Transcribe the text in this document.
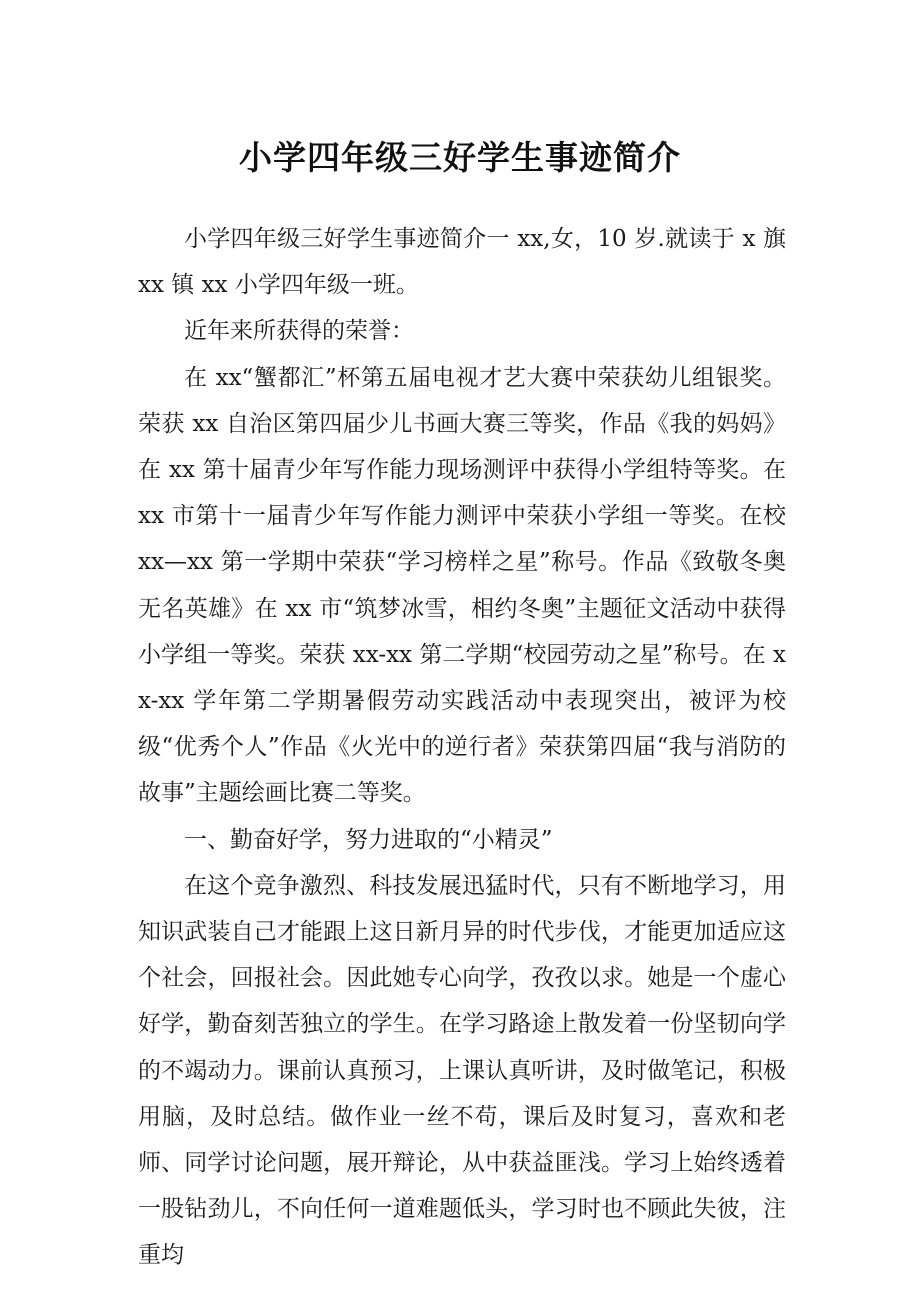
小学四年级三好学生事迹简介

小学四年级三好学生事迹简介一 xx,女，10 岁.就读于 x 旗 xx 镇 xx 小学四年级一班。

近年来所获得的荣誉：

在 xx“蟹都汇”杯第五届电视才艺大赛中荣获幼儿组银奖。荣获 xx 自治区第四届少儿书画大赛三等奖，作品《我的妈妈》在 xx 第十届青少年写作能力现场测评中获得小学组特等奖。在 xx 市第十一届青少年写作能力测评中荣获小学组一等奖。在校 xx—xx 第一学期中荣获“学习榜样之星”称号。作品《致敬冬奥无名英雄》在 xx 市“筑梦冰雪，相约冬奥”主题征文活动中获得小学组一等奖。荣获 xx-xx 第二学期“校园劳动之星”称号。在 xx-xx 学年第二学期暑假劳动实践活动中表现突出，被评为校级“优秀个人”作品《火光中的逆行者》荣获第四届“我与消防的故事”主题绘画比赛二等奖。

一、勤奋好学，努力进取的“小精灵”

在这个竞争激烈、科技发展迅猛时代，只有不断地学习，用知识武装自己才能跟上这日新月异的时代步伐，才能更加适应这个社会，回报社会。因此她专心向学，孜孜以求。她是一个虚心好学，勤奋刻苦独立的学生。在学习路途上散发着一份坚韧向学的不竭动力。课前认真预习，上课认真听讲，及时做笔记，积极用脑，及时总结。做作业一丝不苟，课后及时复习，喜欢和老师、同学讨论问题，展开辩论，从中获益匪浅。学习上始终透着一股钻劲儿，不向任何一道难题低头，学习时也不顾此失彼，注重均
